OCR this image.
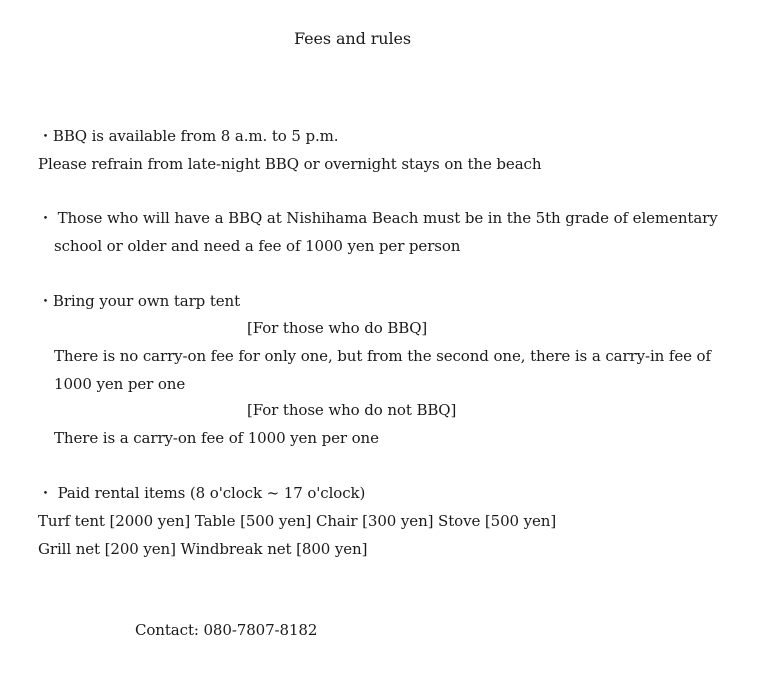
Fees and rules
・BBQ is available from 8 a.m. to 5 p.m.
Please refrain from late-night BBQ or overnight stays on the beach
・ Those who will have a BBQ at Nishihama Beach must be in the 5th grade of elementary
school or older and need a fee of 1000 yen per person
・Bring your own tarp tent
[For those who do BBQ]
There is no carry-on fee for only one, but from the second one, there is a carry-in fee of
1000 yen per one
[For those who do not BBQ]
There is a carry-on fee of 1000 yen per one
・ Paid rental items (8 o'clock ~ 17 o'clock)
Turf tent [2000 yen] Table [500 yen] Chair [300 yen] Stove [500 yen]
Grill net [200 yen] Windbreak net [800 yen]
Contact: 080-7807-8182
